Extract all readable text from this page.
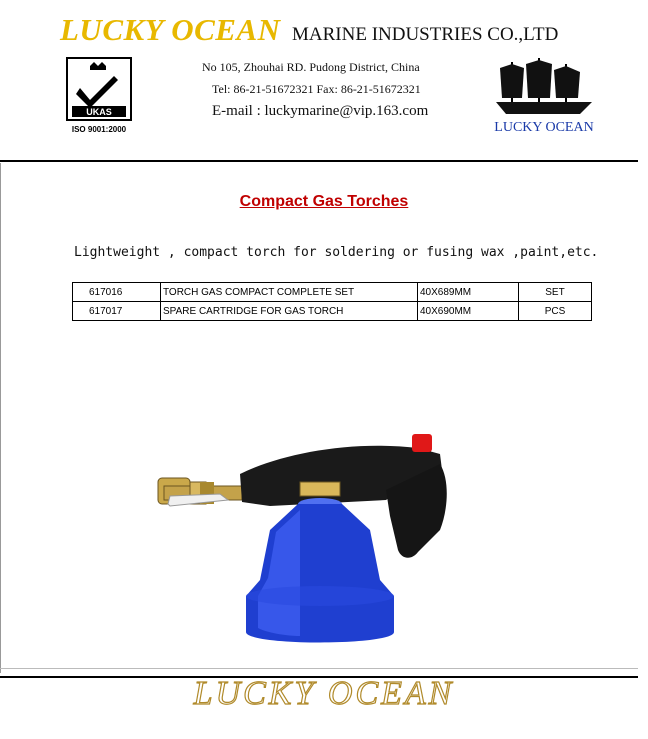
LUCKY OCEAN MARINE INDUSTRIES CO.,LTD
UKAS
ISO 9001:2000
No 105, Zhouhai RD. Pudong District, China
Tel: 86-21-51672321 Fax: 86-21-51672321
E-mail : luckymarine@vip.163.com
LUCKY OCEAN
Compact Gas Torches
Lightweight , compact torch for soldering or fusing wax ,paint,etc.
617016	TORCH GAS COMPACT COMPLETE SET	40X689MM	SET
617017	SPARE CARTRIDGE FOR GAS TORCH	40X690MM	PCS
LUCKY OCEAN
